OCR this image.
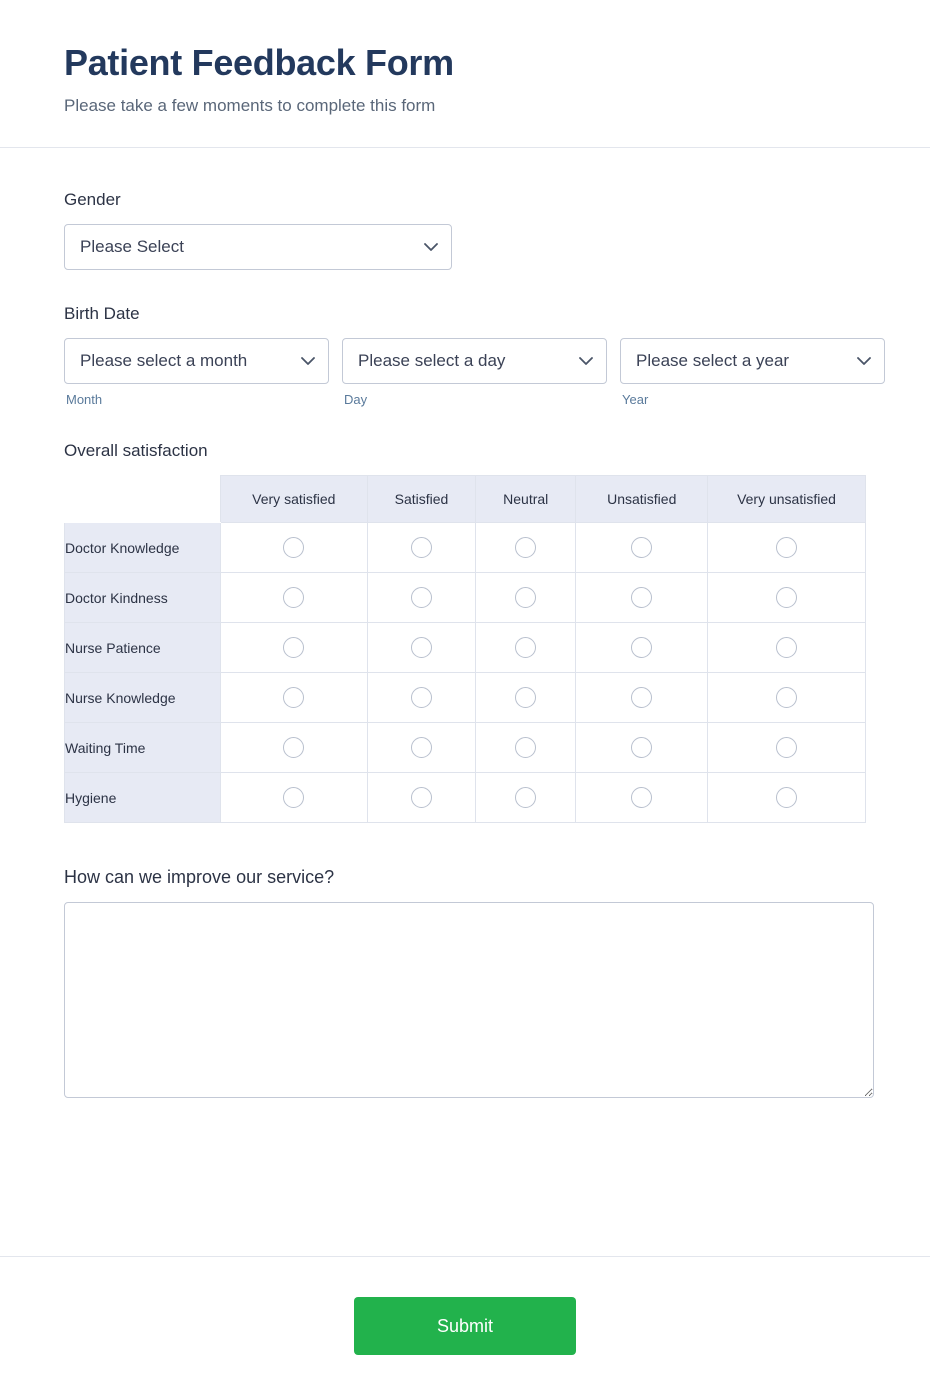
Patient Feedback Form

Please take a few moments to complete this form

Gender
Please Select
Birth Date
Please select a month
Month
Please select a day
Day
Please select a year
Year
Overall satisfaction
	Very satisfied	Satisfied	Neutral	Unsatisfied	Very unsatisfied
Doctor Knowledge					
Doctor Kindness					
Nurse Patience					
Nurse Knowledge					
Waiting Time					
Hygiene					
How can we improve our service?
Submit
